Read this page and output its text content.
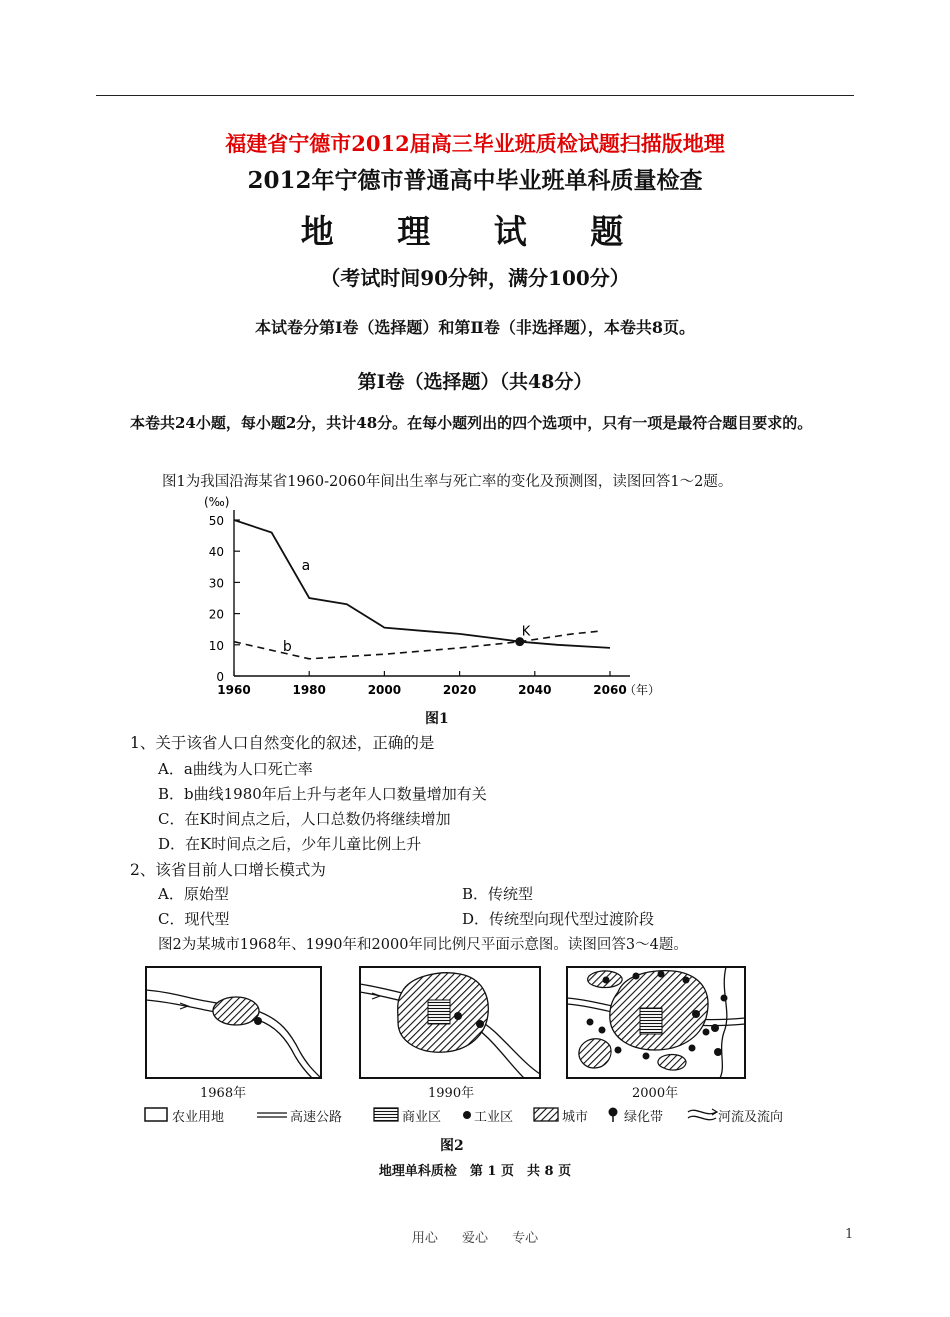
福建省宁德市2012届高三毕业班质检试题扫描版地理
2012年宁德市普通高中毕业班单科质量检查
地 理 试 题
（考试时间90分钟，满分100分）
本试卷分第Ⅰ卷（选择题）和第Ⅱ卷（非选择题），本卷共8页。
第Ⅰ卷（选择题）（共48分）
本卷共24小题，每小题2分，共计48分。在每小题列出的四个选项中，只有一项是最符合题目要求的。
图1为我国沿海某省1960-2060年间出生率与死亡率的变化及预测图，读图回答1～2题。
0
10
20
30
40
50
1960	1980	2000	2020	2040	2060
(‰)
（年）
a
b
K
图1
1、关于该省人口自然变化的叙述，正确的是
A．a曲线为人口死亡率
B．b曲线1980年后上升与老年人口数量增加有关
C．在K时间点之后，人口总数仍将继续增加
D．在K时间点之后，少年儿童比例上升
2、该省目前人口增长模式为
A．原始型	B．传统型
C．现代型	D．传统型向现代型过渡阶段
图2为某城市1968年、1990年和2000年同比例尺平面示意图。读图回答3～4题。
1968年	1990年	2000年
农业用地	高速公路	商业区	工业区	城市	绿化带	河流及流向
图2
地理单科质检　第 1 页　共 8 页
用心 爱心 专心	1
